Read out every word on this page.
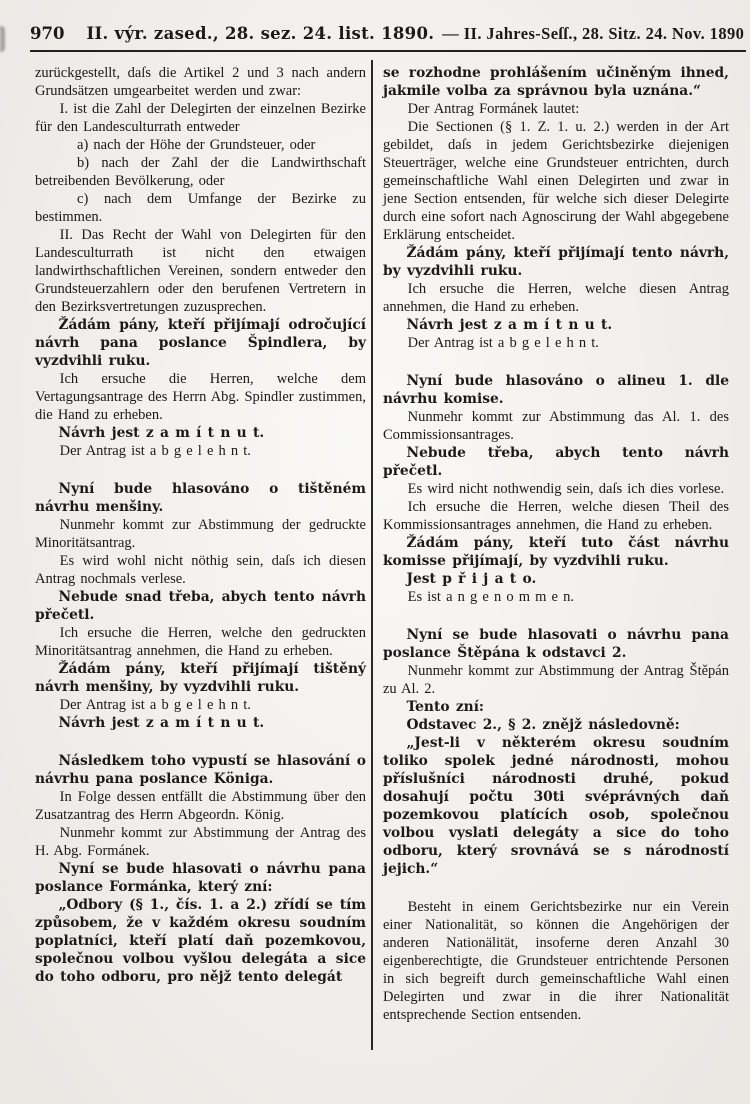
970 II. výr. zased., 28. sez. 24. list. 1890. — II. Jahres-Seſſ., 28. Sitz. 24. Nov. 1890

zurückgestellt, daſs die Artikel 2 und 3 nach andern Grundsätzen umgearbeitet werden und zwar:

I. ist die Zahl der Delegirten der einzelnen Bezirke für den Landesculturrath entweder

a) nach der Höhe der Grundsteuer, oder

b) nach der Zahl der die Landwirthschaft betreibenden Bevölkerung, oder

c) nach dem Umfange der Bezirke zu bestimmen.

II. Das Recht der Wahl von Delegirten für den Landesculturrath ist nicht den etwaigen landwirthschaftlichen Vereinen, sondern entweder den Grundsteuerzahlern oder den berufenen Vertretern in den Bezirksvertretungen zuzusprechen.

Žádám pány, kteří přijímají odročující návrh pana poslance Špindlera, by vyzdvihli ruku.

Ich ersuche die Herren, welche dem Vertagungsantrage des Herrn Abg. Spindler zustimmen, die Hand zu erheben.

Návrh jest z a m í t n u t.

Der Antrag ist a b g e l e h n t.

Nyní bude hlasováno o tištěném návrhu menšiny.

Nunmehr kommt zur Abstimmung der gedruckte Minoritätsantrag.

Es wird wohl nicht nöthig sein, daſs ich diesen Antrag nochmals verlese.

Nebude snad třeba, abych tento návrh přečetl.

Ich ersuche die Herren, welche den gedruckten Minoritätsantrag annehmen, die Hand zu erheben.

Žádám pány, kteří přijímají tištěný návrh menšiny, by vyzdvihli ruku.

Der Antrag ist a b g e l e h n t.

Návrh jest z a m í t n u t.

Následkem toho vypustí se hlasování o návrhu pana poslance Königa.

In Folge dessen entfällt die Abstimmung über den Zusatzantrag des Herrn Abgeordn. König.

Nunmehr kommt zur Abstimmung der Antrag des H. Abg. Formánek.

Nyní se bude hlasovati o návrhu pana poslance Formánka, který zní:

„Odbory (§ 1., čís. 1. a 2.) zřídí se tím způsobem, že v každém okresu soudním poplatníci, kteří platí daň pozemkovou, společnou volbou vyšlou delegáta a sice do toho odboru, pro nějž tento delegát

se rozhodne prohlášením učiněným ihned, jakmile volba za správnou byla uznána.“

Der Antrag Formánek lautet:

Die Sectionen (§ 1. Z. 1. u. 2.) werden in der Art gebildet, daſs in jedem Gerichtsbezirke diejenigen Steuerträger, welche eine Grundsteuer entrichten, durch gemeinschaftliche Wahl einen Delegirten und zwar in jene Section entsenden, für welche sich dieser Delegirte durch eine sofort nach Agnoscirung der Wahl abgegebene Erklärung entscheidet.

Žádám pány, kteří přijímají tento návrh, by vyzdvihli ruku.

Ich ersuche die Herren, welche diesen Antrag annehmen, die Hand zu erheben.

Návrh jest z a m í t n u t.

Der Antrag ist a b g e l e h n t.

Nyní bude hlasováno o alineu 1. dle návrhu komise.

Nunmehr kommt zur Abstimmung das Al. 1. des Commissionsantrages.

Nebude třeba, abych tento návrh přečetl.

Es wird nicht nothwendig sein, daſs ich dies vorlese.

Ich ersuche die Herren, welche diesen Theil des Kommissionsantrages annehmen, die Hand zu erheben.

Žádám pány, kteří tuto část návrhu komisse přijímají, by vyzdvihli ruku.

Jest p ř i j a t o.

Es ist a n g e n o m m e n.

Nyní se bude hlasovati o návrhu pana poslance Štěpána k odstavci 2.

Nunmehr kommt zur Abstimmung der Antrag Štěpán zu Al. 2.

Tento zní:

Odstavec 2., § 2. znějž následovně:

„Jest-li v některém okresu soudním toliko spolek jedné národnosti, mohou příslušníci národnosti druhé, pokud dosahují počtu 30ti svéprávných daň pozemkovou platících osob, společnou volbou vyslati delegáty a sice do toho odboru, který srovnává se s národností jejich.“

Besteht in einem Gerichtsbezirke nur ein Verein einer Nationalität, so können die Angehörigen der anderen Nationälität, insoferne deren Anzahl 30 eigenberechtigte, die Grundsteuer entrichtende Personen in sich begreift durch gemeinschaftliche Wahl einen Delegirten und zwar in die ihrer Nationalität entsprechende Section entsenden.
